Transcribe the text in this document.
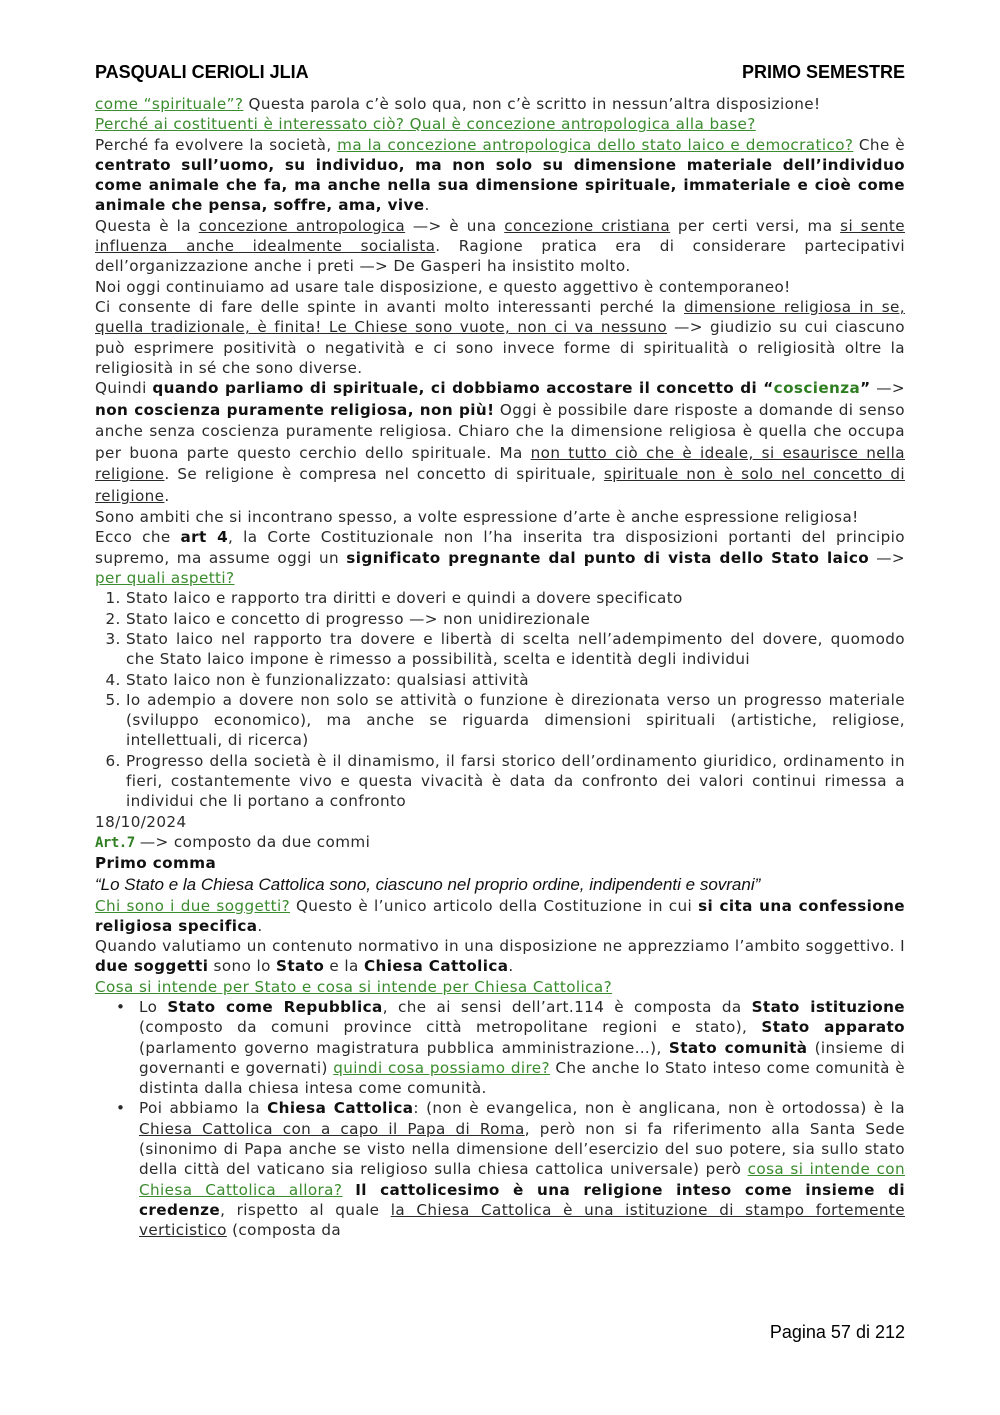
PASQUALI CERIOLI JLIA	PRIMO SEMESTRE

come “spirituale”? Questa parola c’è solo qua, non c’è scritto in nessun’altra disposizione!

Perché ai costituenti è interessato ciò? Qual è concezione antropologica alla base?

Perché fa evolvere la società, ma la concezione antropologica dello stato laico e democratico? Che è centrato sull’uomo, su individuo, ma non solo su dimensione materiale dell’individuo come animale che fa, ma anche nella sua dimensione spirituale, immateriale e cioè come animale che pensa, soffre, ama, vive.

Questa è la concezione antropologica —> è una concezione cristiana per certi versi, ma si sente influenza anche idealmente socialista. Ragione pratica era di considerare partecipativi dell’organizzazione anche i preti —> De Gasperi ha insistito molto.

Noi oggi continuiamo ad usare tale disposizione, e questo aggettivo è contemporaneo!

Ci consente di fare delle spinte in avanti molto interessanti perché la dimensione religiosa in se, quella tradizionale, è finita! Le Chiese sono vuote, non ci va nessuno —> giudizio su cui ciascuno può esprimere positività o negatività e ci sono invece forme di spiritualità o religiosità oltre la religiosità in sé che sono diverse.

Quindi quando parliamo di spirituale, ci dobbiamo accostare il concetto di “coscienza” —> non coscienza puramente religiosa, non più! Oggi è possibile dare risposte a domande di senso anche senza coscienza puramente religiosa. Chiaro che la dimensione religiosa è quella che occupa per buona parte questo cerchio dello spirituale. Ma non tutto ciò che è ideale, si esaurisce nella religione. Se religione è compresa nel concetto di spirituale, spirituale non è solo nel concetto di religione.

Sono ambiti che si incontrano spesso, a volte espressione d’arte è anche espressione religiosa!

Ecco che art 4, la Corte Costituzionale non l’ha inserita tra disposizioni portanti del principio supremo, ma assume oggi un significato pregnante dal punto di vista dello Stato laico —> per quali aspetti?

1. Stato laico e rapporto tra diritti e doveri e quindi a dovere specificato
2. Stato laico e concetto di progresso —> non unidirezionale
3. Stato laico nel rapporto tra dovere e libertà di scelta nell’adempimento del dovere, quomodo che Stato laico impone è rimesso a possibilità, scelta e identità degli individui
4. Stato laico non è funzionalizzato: qualsiasi attività
5. Io adempio a dovere non solo se attività o funzione è direzionata verso un progresso materiale (sviluppo economico), ma anche se riguarda dimensioni spirituali (artistiche, religiose, intellettuali, di ricerca)
6. Progresso della società è il dinamismo, il farsi storico dell’ordinamento giuridico, ordinamento in fieri, costantemente vivo e questa vivacità è data da confronto dei valori continui rimessa a individui che li portano a confronto

18/10/2024

Art.7 —> composto da due commi

Primo comma

“Lo Stato e la Chiesa Cattolica sono, ciascuno nel proprio ordine, indipendenti e sovrani”

Chi sono i due soggetti? Questo è l’unico articolo della Costituzione in cui si cita una confessione religiosa specifica.

Quando valutiamo un contenuto normativo in una disposizione ne apprezziamo l’ambito soggettivo. I due soggetti sono lo Stato e la Chiesa Cattolica.

Cosa si intende per Stato e cosa si intende per Chiesa Cattolica?

• Lo Stato come Repubblica, che ai sensi dell’art.114 è composta da Stato istituzione (composto da comuni province città metropolitane regioni e stato), Stato apparato (parlamento governo magistratura pubblica amministrazione…), Stato comunità (insieme di governanti e governati) quindi cosa possiamo dire? Che anche lo Stato inteso come comunità è distinta dalla chiesa intesa come comunità.
• Poi abbiamo la Chiesa Cattolica: (non è evangelica, non è anglicana, non è ortodossa) è la Chiesa Cattolica con a capo il Papa di Roma, però non si fa riferimento alla Santa Sede (sinonimo di Papa anche se visto nella dimensione dell’esercizio del suo potere, sia sullo stato della città del vaticano sia religioso sulla chiesa cattolica universale) però cosa si intende con Chiesa Cattolica allora? Il cattolicesimo è una religione inteso come insieme di credenze, rispetto al quale la Chiesa Cattolica è una istituzione di stampo fortemente verticistico (composta da
Pagina 57 di 212
